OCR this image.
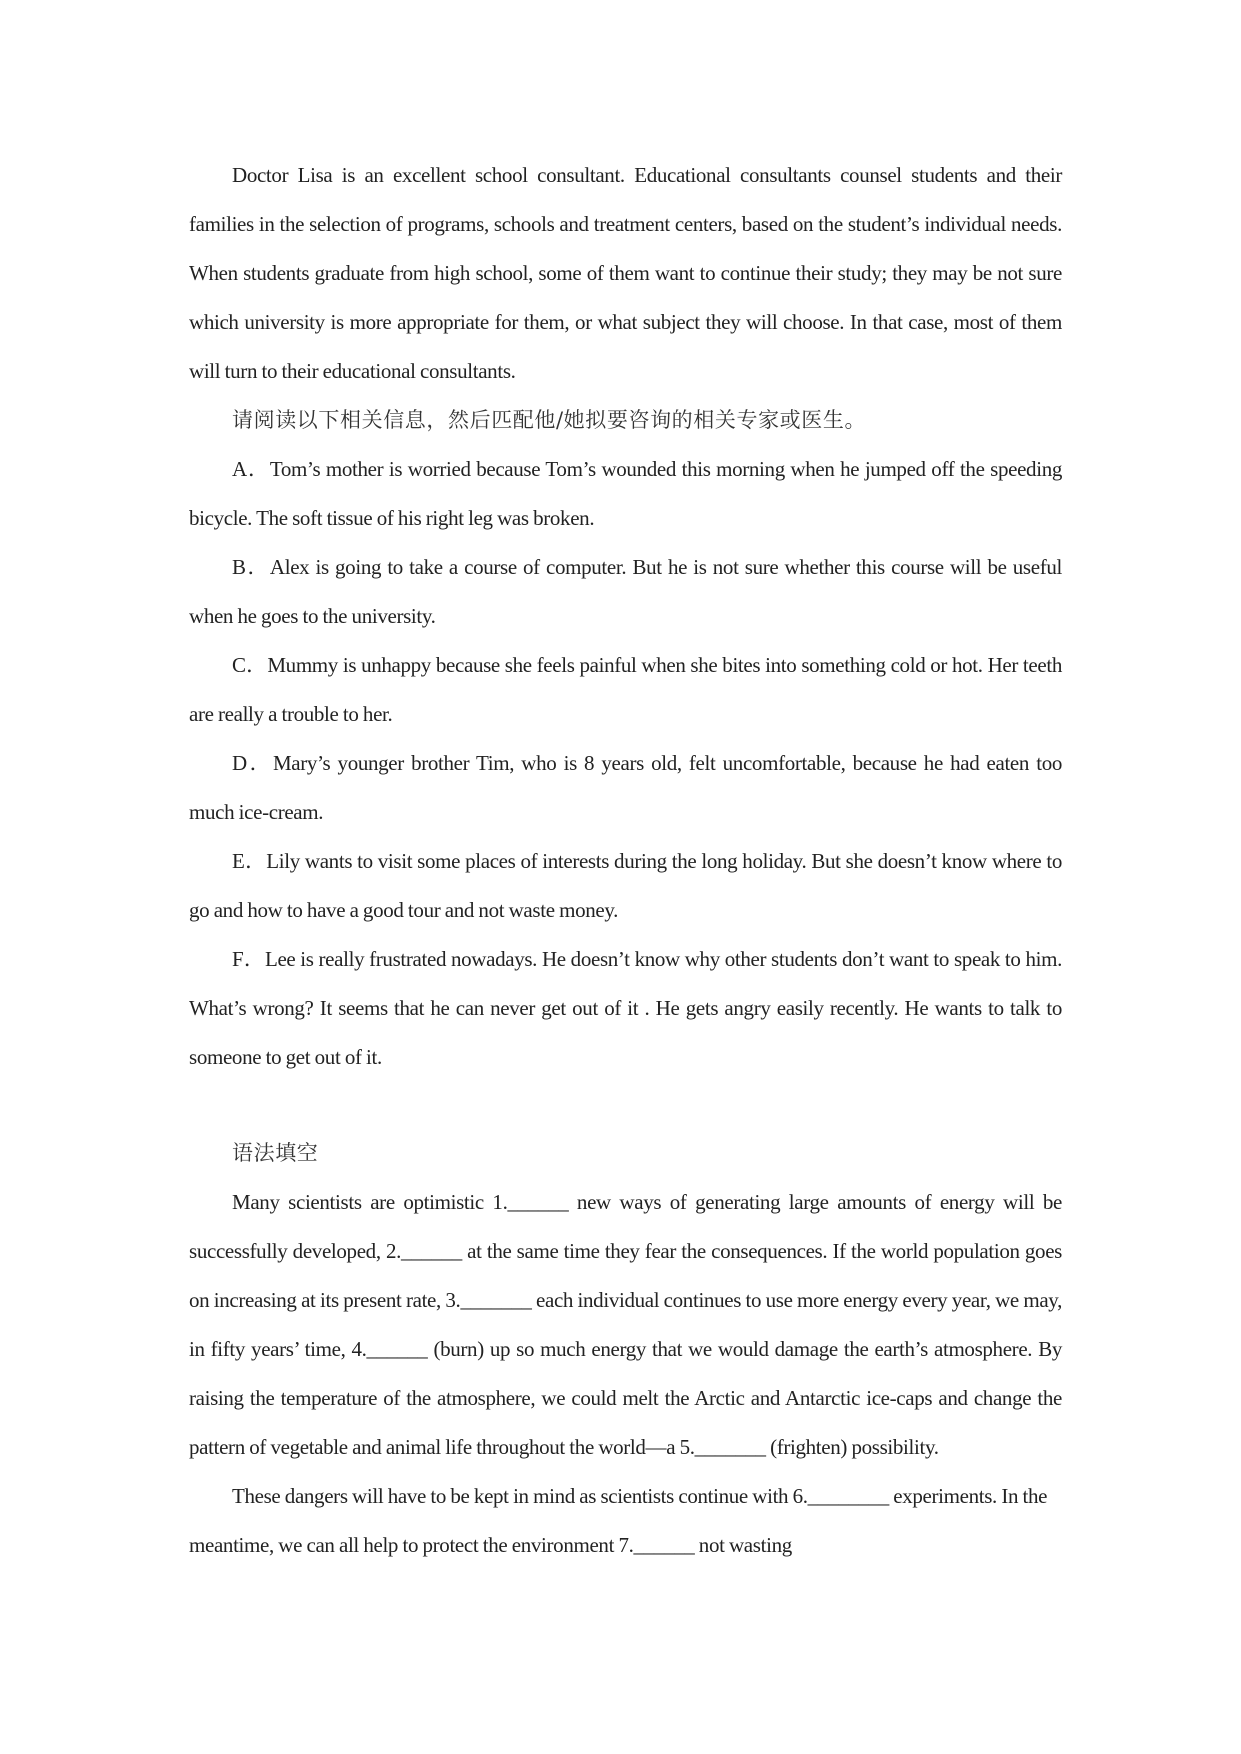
Doctor Lisa is an excellent school consultant. Educational consultants counsel students and their families in the selection of programs, schools and treatment centers, based on the student’s individual needs. When students graduate from high school, some of them want to continue their study; they may be not sure which university is more appropriate for them, or what subject they will choose. In that case, most of them will turn to their educational consultants.

请阅读以下相关信息，然后匹配他/她拟要咨询的相关专家或医生。

A．Tom’s mother is worried because Tom’s wounded this morning when he jumped off the speeding bicycle. The soft tissue of his right leg was broken.

B．Alex is going to take a course of computer. But he is not sure whether this course will be useful when he goes to the university.

C．Mummy is unhappy because she feels painful when she bites into something cold or hot. Her teeth are really a trouble to her.

D．Mary’s younger brother Tim, who is 8 years old, felt uncomfortable, because he had eaten too much ice-cream.

E．Lily wants to visit some places of interests during the long holiday. But she doesn’t know where to go and how to have a good tour and not waste money.

F．Lee is really frustrated nowadays. He doesn’t know why other students don’t want to speak to him. What’s wrong? It seems that he can never get out of it . He gets angry easily recently. He wants to talk to someone to get out of it.

语法填空

Many scientists are optimistic 1.______ new ways of generating large amounts of energy will be successfully developed, 2.______ at the same time they fear the consequences. If the world population goes on increasing at its present rate, 3._______ each individual continues to use more energy every year, we may, in fifty years’ time, 4.______ (burn) up so much energy that we would damage the earth’s atmosphere. By raising the temperature of the atmosphere, we could melt the Arctic and Antarctic ice-caps and change the pattern of vegetable and animal life throughout the world—a 5._______ (frighten) possibility.

These dangers will have to be kept in mind as scientists continue with 6.________ experiments. In the meantime, we can all help to protect the environment 7.______ not wasting
